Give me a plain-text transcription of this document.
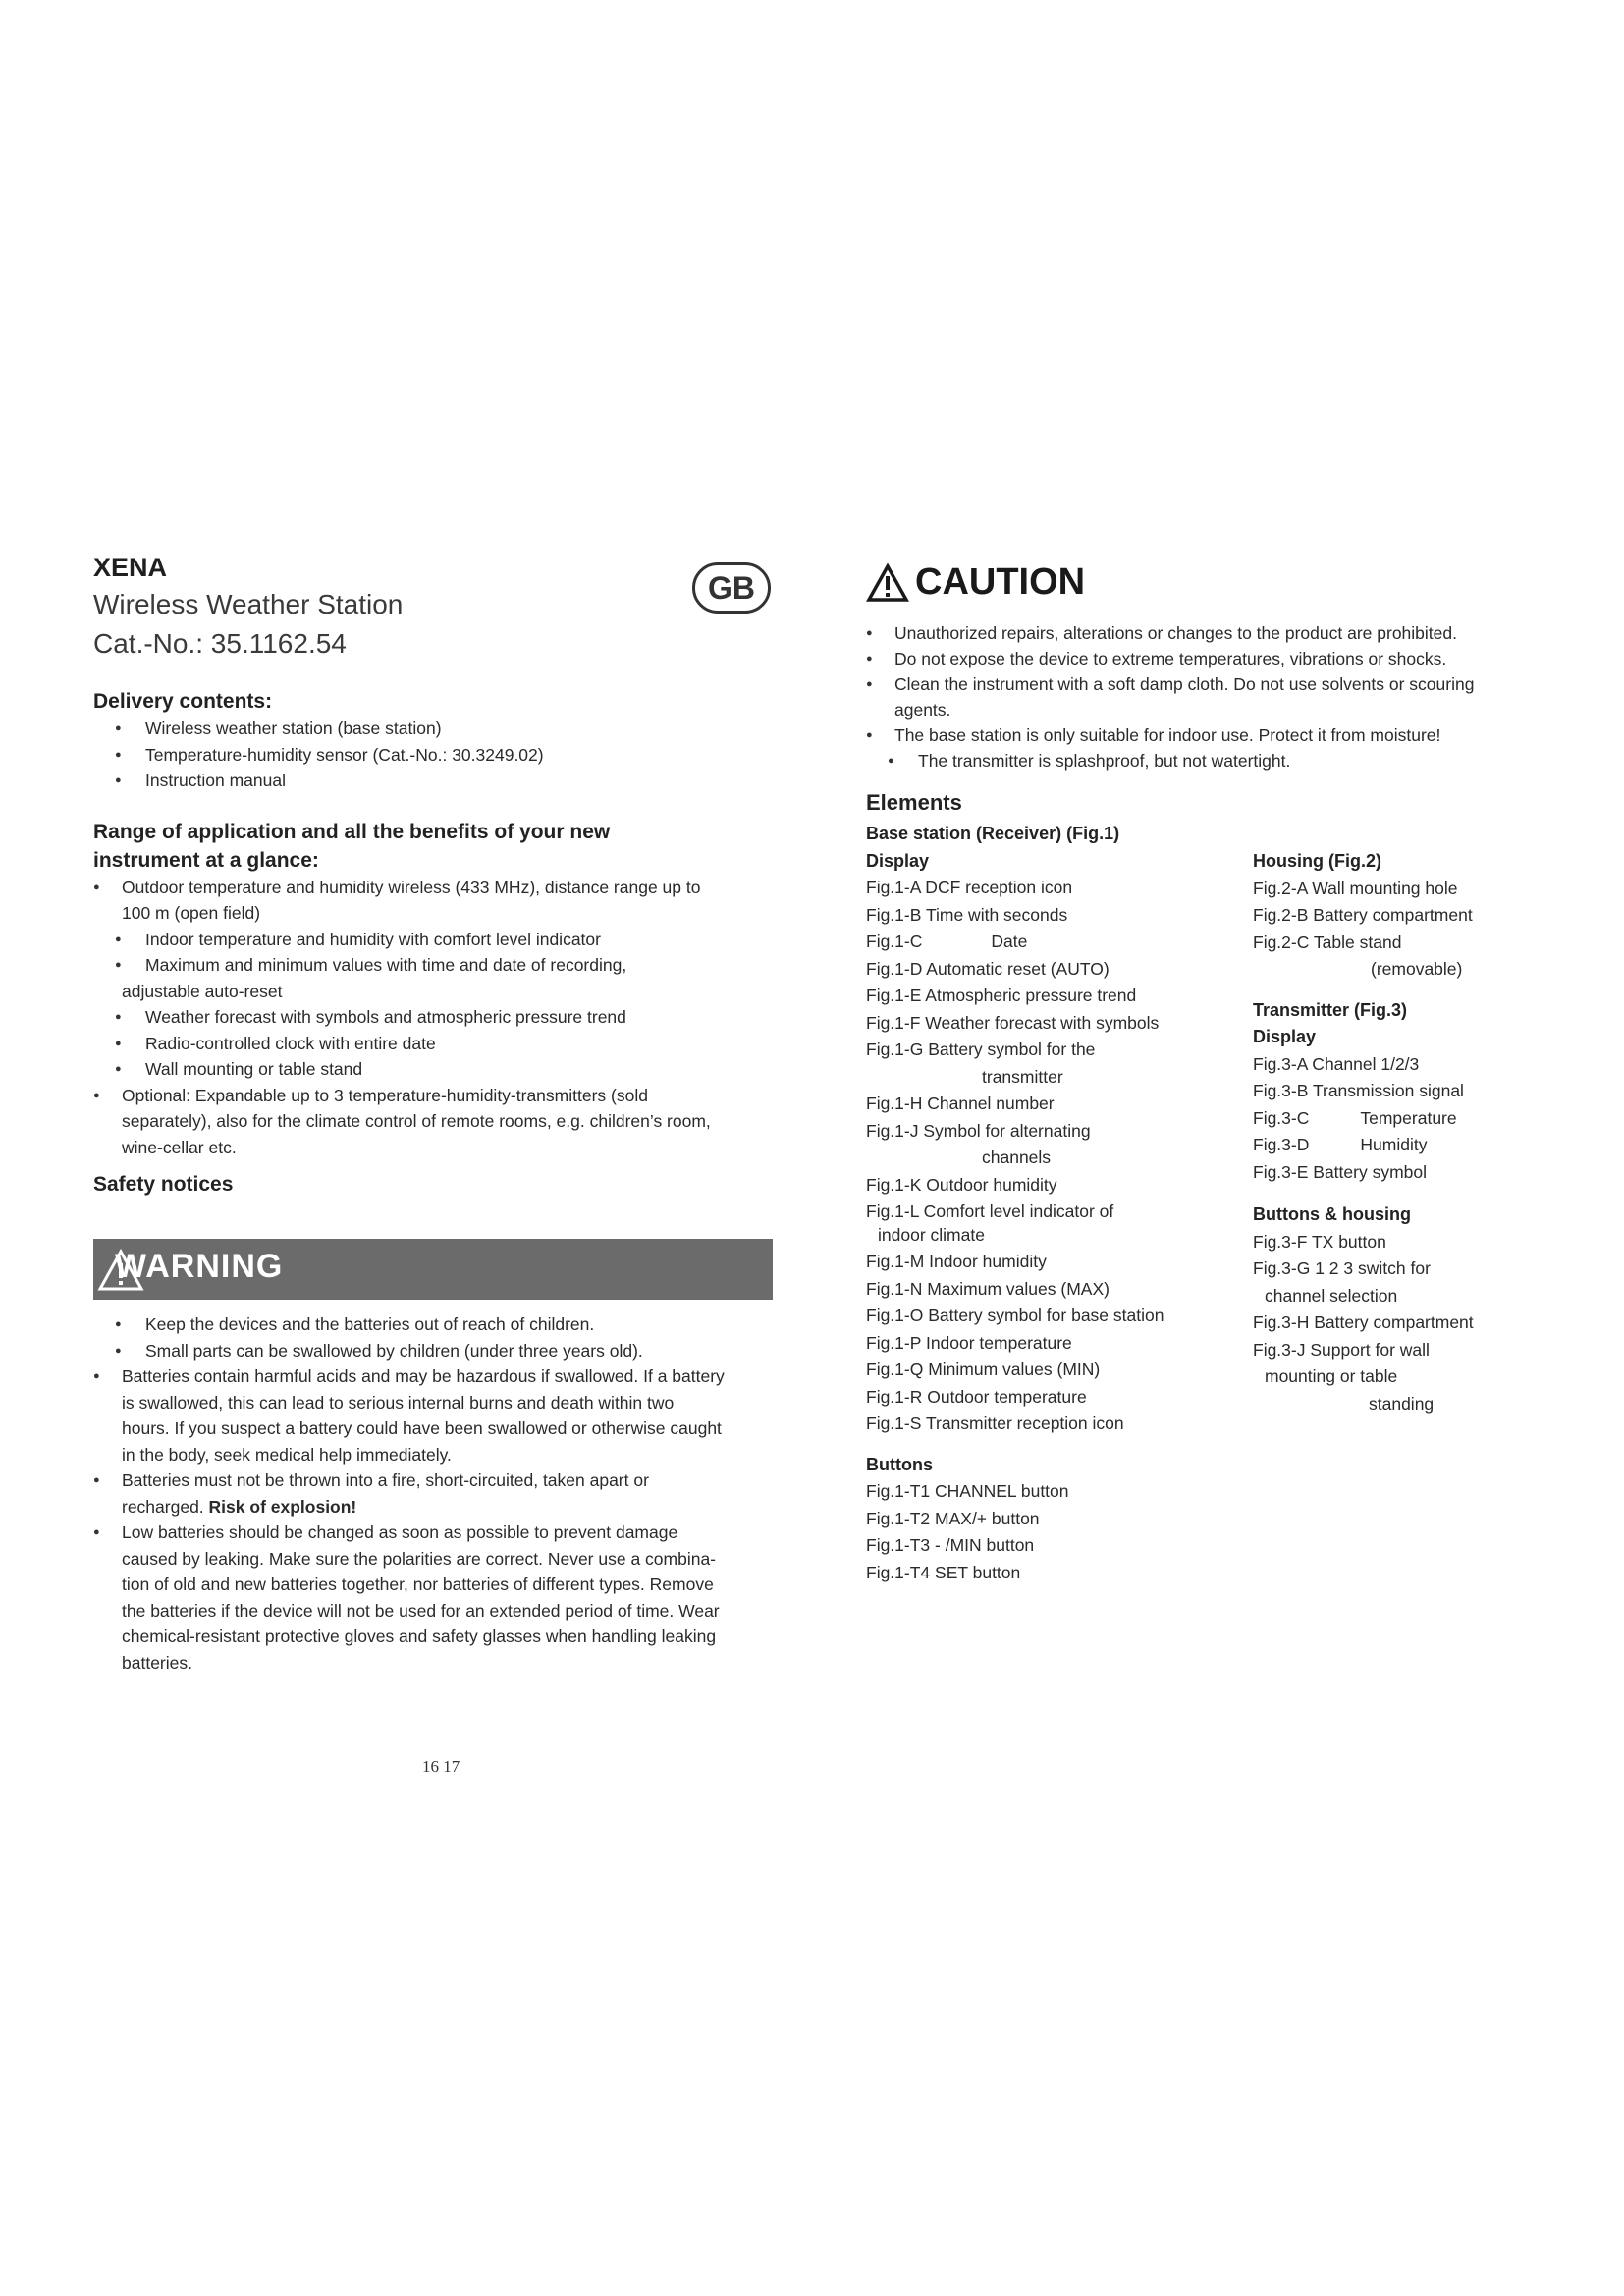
XENA
Wireless Weather Station
Cat.-No.: 35.1162.54
Delivery contents:
● Wireless weather station (base station)
● Temperature-humidity sensor (Cat.-No.: 30.3249.02)
● Instruction manual
Range of application and all the benefits of your new
instrument at a glance:
● Outdoor temperature and humidity wireless (433 MHz), distance range up to
100 m (open field)
● Indoor temperature and humidity with comfort level indicator
● Maximum and minimum values with time and date of recording,
adjustable auto-reset
● Weather forecast with symbols and atmospheric pressure trend
● Radio-controlled clock with entire date
● Wall mounting or table stand
● Optional: Expandable up to 3 temperature-humidity-transmitters (sold
separately), also for the climate control of remote rooms, e.g. children’s room,
wine-cellar etc.
Safety notices
GB
WARNING
● Keep the devices and the batteries out of reach of children.
● Small parts can be swallowed by children (under three years old).
● Batteries contain harmful acids and may be hazardous if swallowed. If a battery
is swallowed, this can lead to serious internal burns and death within two
hours. If you suspect a battery could have been swallowed or otherwise caught
in the body, seek medical help immediately.
● Batteries must not be thrown into a fire, short-circuited, taken apart or
recharged. Risk of explosion!
● Low batteries should be changed as soon as possible to prevent damage
caused by leaking. Make sure the polarities are correct. Never use a combina-
tion of old and new batteries together, nor batteries of different types. Remove
the batteries if the device will not be used for an extended period of time. Wear
chemical-resistant protective gloves and safety glasses when handling leaking
batteries.
CAUTION
● Unauthorized repairs, alterations or changes to the product are prohibited.
● Do not expose the device to extreme temperatures, vibrations or shocks.
● Clean the instrument with a soft damp cloth. Do not use solvents or scouring
agents.
● The base station is only suitable for indoor use. Protect it from moisture!
● The transmitter is splashproof, but not watertight.
Elements
Base station (Receiver) (Fig.1)
Display
Fig.1-A DCF reception icon
Fig.1-B Time with seconds
Fig.1-C	Date
Fig.1-D Automatic reset (AUTO)
Fig.1-E Atmospheric pressure trend
Fig.1-F Weather forecast with symbols
Fig.1-G Battery symbol for the
transmitter
Fig.1-H Channel number
Fig.1-J Symbol for alternating
channels
Fig.1-K Outdoor humidity
Fig.1-L Comfort level indicator of
indoor climate
Fig.1-M Indoor humidity
Fig.1-N Maximum values (MAX)
Fig.1-O Battery symbol for base station
Fig.1-P Indoor temperature
Fig.1-Q Minimum values (MIN)
Fig.1-R Outdoor temperature
Fig.1-S Transmitter reception icon
Buttons
Fig.1-T1 CHANNEL button
Fig.1-T2 MAX/+ button
Fig.1-T3 - /MIN button
Fig.1-T4 SET button
Housing (Fig.2)
Fig.2-A Wall mounting hole
Fig.2-B Battery compartment
Fig.2-C Table stand
(removable)
Transmitter (Fig.3)
Display
Fig.3-A Channel 1/2/3
Fig.3-B Transmission signal
Fig.3-C	Temperature
Fig.3-D	Humidity
Fig.3-E Battery symbol
Buttons & housing
Fig.3-F TX button
Fig.3-G 1 2 3 switch for
channel selection
Fig.3-H Battery compartment
Fig.3-J Support for wall
mounting or table
standing
16 17
